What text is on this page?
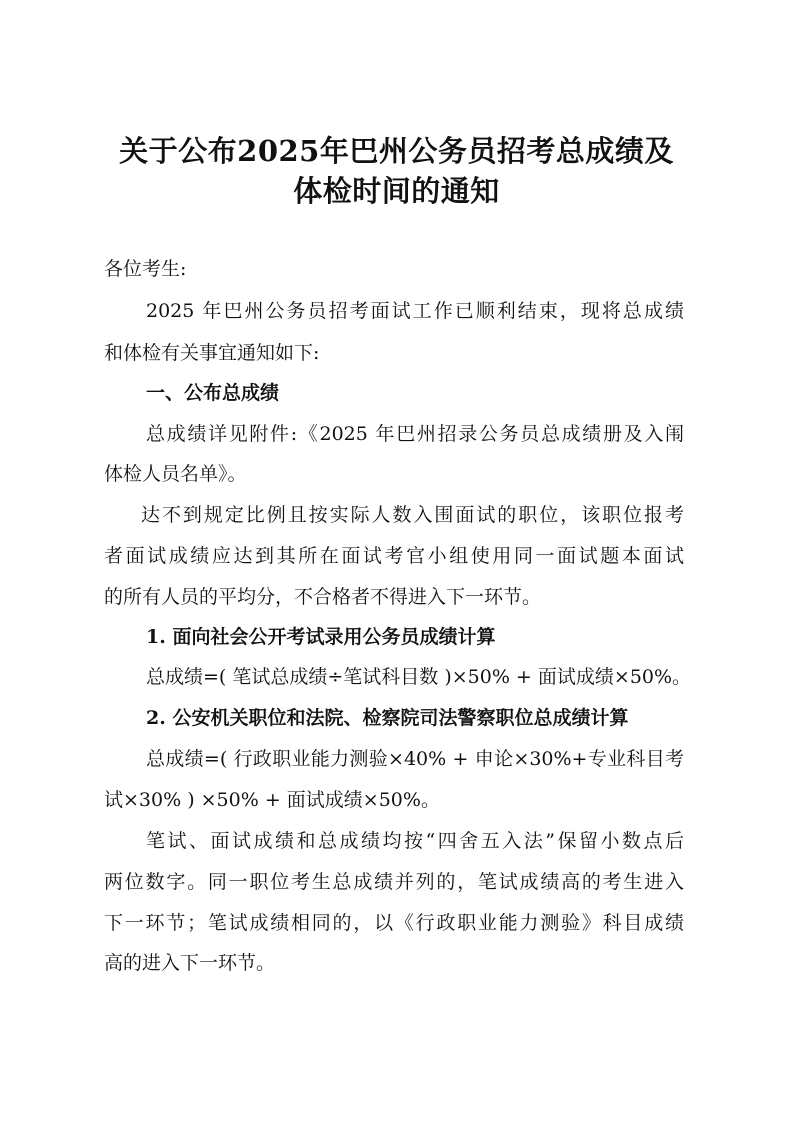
关于公布2025年巴州公务员招考总成绩及
体检时间的通知
各位考生:
2025 年巴州公务员招考面试工作已顺利结束，现将总成绩
和体检有关事宜通知如下:
一、公布总成绩
总成绩详见附件:《2025 年巴州招录公务员总成绩册及入闱
体检人员名单》。
达不到规定比例且按实际人数入围面试的职位，该职位报考
者面试成绩应达到其所在面试考官小组使用同一面试题本面试
的所有人员的平均分，不合格者不得进入下一环节。
1. 面向社会公开考试录用公务员成绩计算
总成绩=( 笔试总成绩÷笔试科目数 )×50% + 面试成绩×50%。
2. 公安机关职位和法院、检察院司法警察职位总成绩计算
总成绩=( 行政职业能力测验×40% + 申论×30%+专业科目考
试×30% ) ×50% + 面试成绩×50%。
笔试、面试成绩和总成绩均按“四舍五入法”保留小数点后
两位数字。同一职位考生总成绩并列的，笔试成绩高的考生进入
下一环节；笔试成绩相同的，以《行政职业能力测验》科目成绩
高的进入下一环节。
